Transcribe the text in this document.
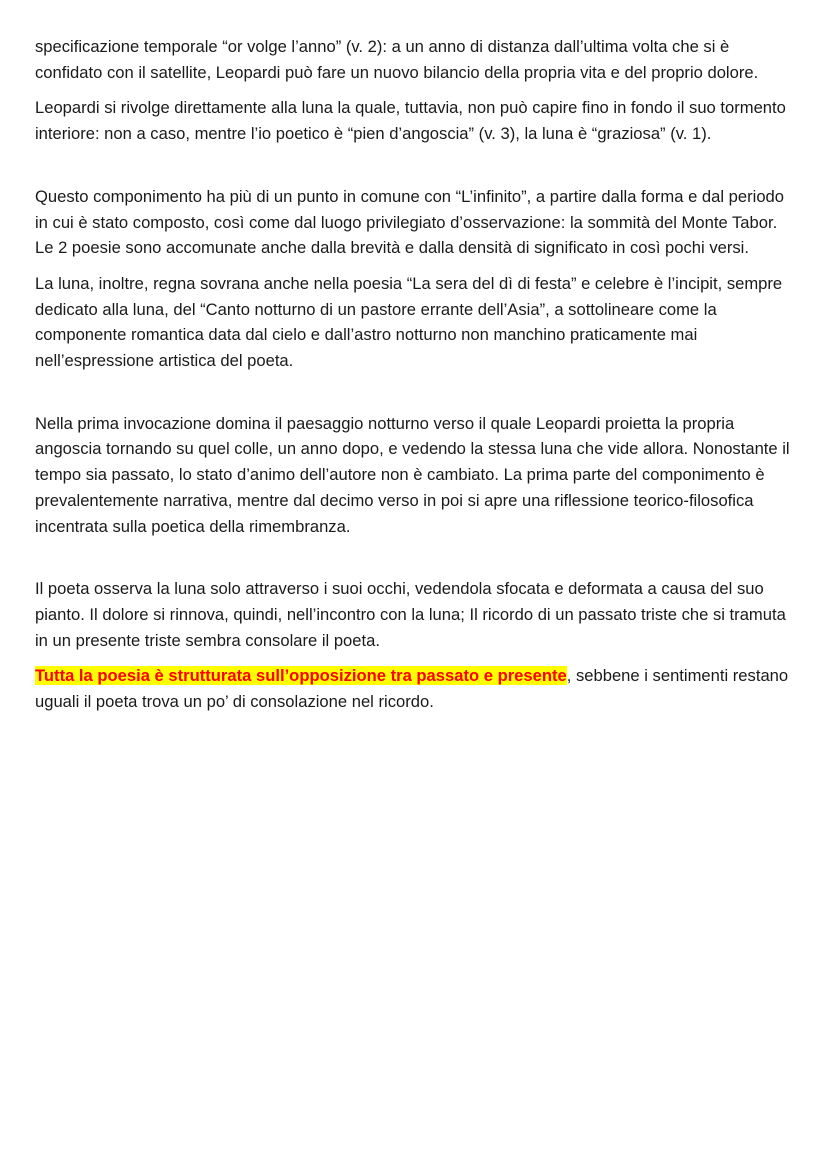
specificazione temporale “or volge l’anno” (v. 2): a un anno di distanza dall’ultima volta che si è confidato con il satellite, Leopardi può fare un nuovo bilancio della propria vita e del proprio dolore.

Leopardi si rivolge direttamente alla luna la quale, tuttavia, non può capire fino in fondo il suo tormento interiore: non a caso, mentre l’io poetico è “pien d’angoscia” (v. 3), la luna è “graziosa” (v. 1).

Questo componimento ha più di un punto in comune con “L’infinito”, a partire dalla forma e dal periodo in cui è stato composto, così come dal luogo privilegiato d’osservazione: la sommità del Monte Tabor. Le 2 poesie sono accomunate anche dalla brevità e dalla densità di significato in così pochi versi.

La luna, inoltre, regna sovrana anche nella poesia “La sera del dì di festa” e celebre è l’incipit, sempre dedicato alla luna, del “Canto notturno di un pastore errante dell’Asia”, a sottolineare come la componente romantica data dal cielo e dall’astro notturno non manchino praticamente mai nell’espressione artistica del poeta.

Nella prima invocazione domina il paesaggio notturno verso il quale Leopardi proietta la propria angoscia tornando su quel colle, un anno dopo, e vedendo la stessa luna che vide allora. Nonostante il tempo sia passato, lo stato d’animo dell’autore non è cambiato. La prima parte del componimento è prevalentemente narrativa, mentre dal decimo verso in poi si apre una riflessione teorico-filosofica incentrata sulla poetica della rimembranza.

Il poeta osserva la luna solo attraverso i suoi occhi, vedendola sfocata e deformata a causa del suo pianto. Il dolore si rinnova, quindi, nell’incontro con la luna; Il ricordo di un passato triste che si tramuta in un presente triste sembra consolare il poeta.

Tutta la poesia è strutturata sull’opposizione tra passato e presente, sebbene i sentimenti restano uguali il poeta trova un po’ di consolazione nel ricordo.
